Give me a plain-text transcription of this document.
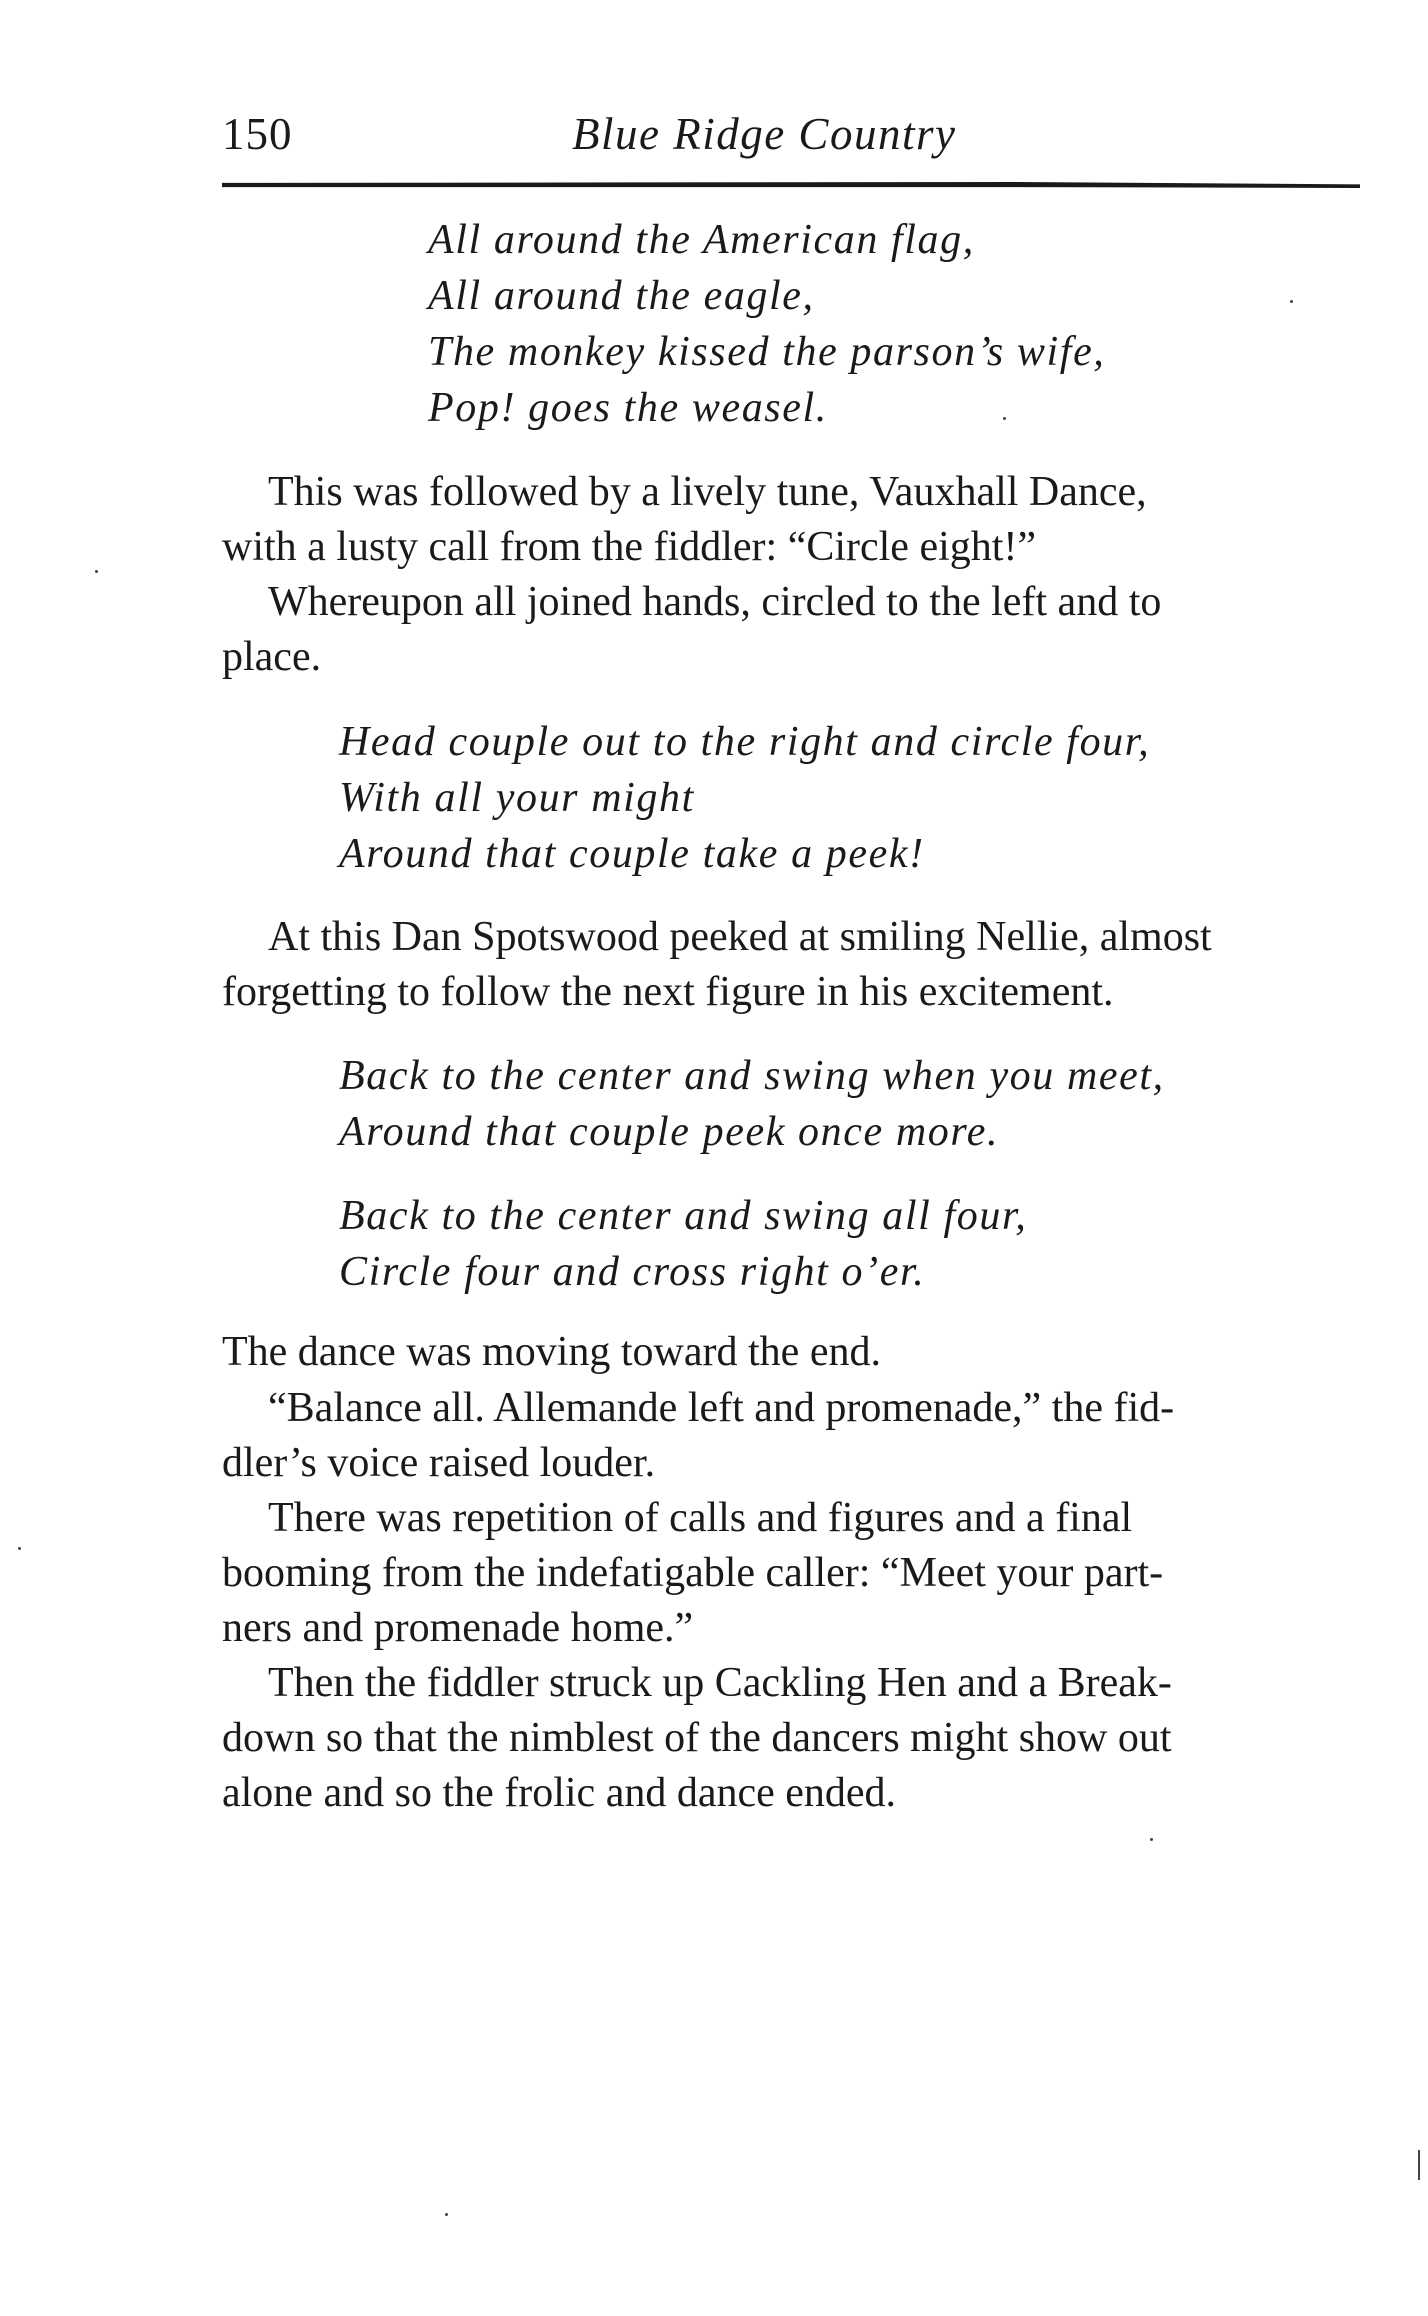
150	Blue Ridge Country
All around the American flag,
All around the eagle,
The monkey kissed the parson’s wife,
Pop! goes the weasel.
This was followed by a lively tune, Vauxhall Dance,
with a lusty call from the fiddler: “Circle eight!”
Whereupon all joined hands, circled to the left and to
place.
Head couple out to the right and circle four,
With all your might
Around that couple take a peek!
At this Dan Spotswood peeked at smiling Nellie, almost
forgetting to follow the next figure in his excitement.
Back to the center and swing when you meet,
Around that couple peek once more.
Back to the center and swing all four,
Circle four and cross right o’er.
The dance was moving toward the end.
“Balance all. Allemande left and promenade,” the fid-
dler’s voice raised louder.
There was repetition of calls and figures and a final
booming from the indefatigable caller: “Meet your part-
ners and promenade home.”
Then the fiddler struck up Cackling Hen and a Break-
down so that the nimblest of the dancers might show out
alone and so the frolic and dance ended.
